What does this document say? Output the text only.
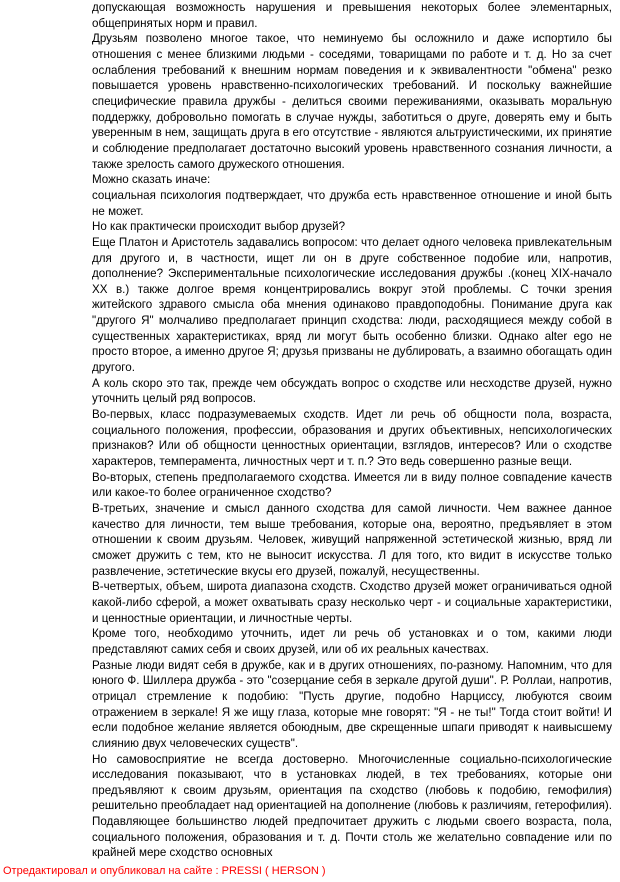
допускающая возможность нарушения и превышения некоторых более элементарных, общепринятых норм и правил.

Друзьям позволено многое такое, что неминуемо бы осложнило и даже испортило бы отношения с менее близкими людьми - соседями, товарищами по работе и т. д. Но за счет ослабления требований к внешним нормам поведения и к эквивалентности "обмена" резко повышается уровень нравственно-психологических требований. И поскольку важнейшие специфические правила дружбы - делиться своими переживаниями, оказывать моральную поддержку, добровольно помогать в случае нужды, заботиться о друге, доверять ему и быть уверенным в нем, защищать друга в его отсутствие - являются альтруистическими, их принятие и соблюдение предполагает достаточно высокий уровень нравственного сознания личности, а также зрелость самого дружеского отношения.

Можно сказать иначе:

социальная психология подтверждает, что дружба есть нравственное отношение и иной быть не может.

Но как практически происходит выбор друзей?

Еще Платон и Аристотель задавались вопросом: что делает одного человека привлекательным для другого и, в частности, ищет ли он в друге собственное подобие или, напротив, дополнение? Экспериментальные психологические исследования дружбы .(конец XIX-начало XX в.) также долгое время концентрировались вокруг этой проблемы. С точки зрения житейского здравого смысла оба мнения одинаково правдоподобны. Понимание друга как "другого Я" молчаливо предполагает принцип сходства: люди, расходящиеся между собой в существенных характеристиках, вряд ли могут быть особенно близки. Однако alter ego не просто второе, а именно другое Я; друзья призваны не дублировать, а взаимно обогащать один другого.

А коль скоро это так, прежде чем обсуждать вопрос о сходстве или несходстве друзей, нужно уточнить целый ряд вопросов.

Во-первых, класс подразумеваемых сходств. Идет ли речь об общности пола, возраста, социального положения, профессии, образования и других объективных, непсихологических признаков? Или об общности ценностных ориентации, взглядов, интересов? Или о сходстве характеров, темперамента, личностных черт и т. п.? Это ведь совершенно разные вещи.

Во-вторых, степень предполагаемого сходства. Имеется ли в виду полное совпадение качеств или какое-то более ограниченное сходство?

В-третьих, значение и смысл данного сходства для самой личности. Чем важнее данное качество для личности, тем выше требования, которые она, вероятно, предъявляет в этом отношении к своим друзьям. Человек, живущий напряженной эстетической жизнью, вряд ли сможет дружить с тем, кто не выносит искусства. Л для того, кто видит в искусстве только развлечение, эстетические вкусы его друзей, пожалуй, несущественны.

В-четвертых, объем, широта диапазона сходств. Сходство друзей может ограничиваться одной какой-либо сферой, а может охватывать сразу несколько черт - и социальные характеристики, и ценностные ориентации, и личностные черты.

Кроме того, необходимо уточнить, идет ли речь об установках и о том, какими люди представляют самих себя и своих друзей, или об их реальных качествах.

Разные люди видят себя в дружбе, как и в других отношениях, по-разному. Напомним, что для юного Ф. Шиллера дружба - это "созерцание себя в зеркале другой души". Р. Роллаи, напротив, отрицал стремление к подобию: "Пусть другие, подобно Нарциссу, любуются своим отражением в зеркале! Я же ищу глаза, которые мне говорят: "Я - не ты!" Тогда стоит войти! И если подобное желание является обоюдным, две скрещенные шпаги приводят к наивысшему слиянию двух человеческих существ".

Но самовосприятие не всегда достоверно. Многочисленные социально-психологические исследования показывают, что в установках людей, в тех требованиях, которые они предъявляют к своим друзьям, ориентация па сходство (любовь к подобию, гемофилия) решительно преобладает над ориентацией на дополнение (любовь к различиям, гетерофилия). Подавляющее большинство людей предпочитает дружить с людьми своего возраста, пола, социального положения, образования и т. д. Почти столь же желательно совпадение или по крайней мере сходство основных

Отредактировал и опубликовал на сайте : PRESSI ( HERSON )
